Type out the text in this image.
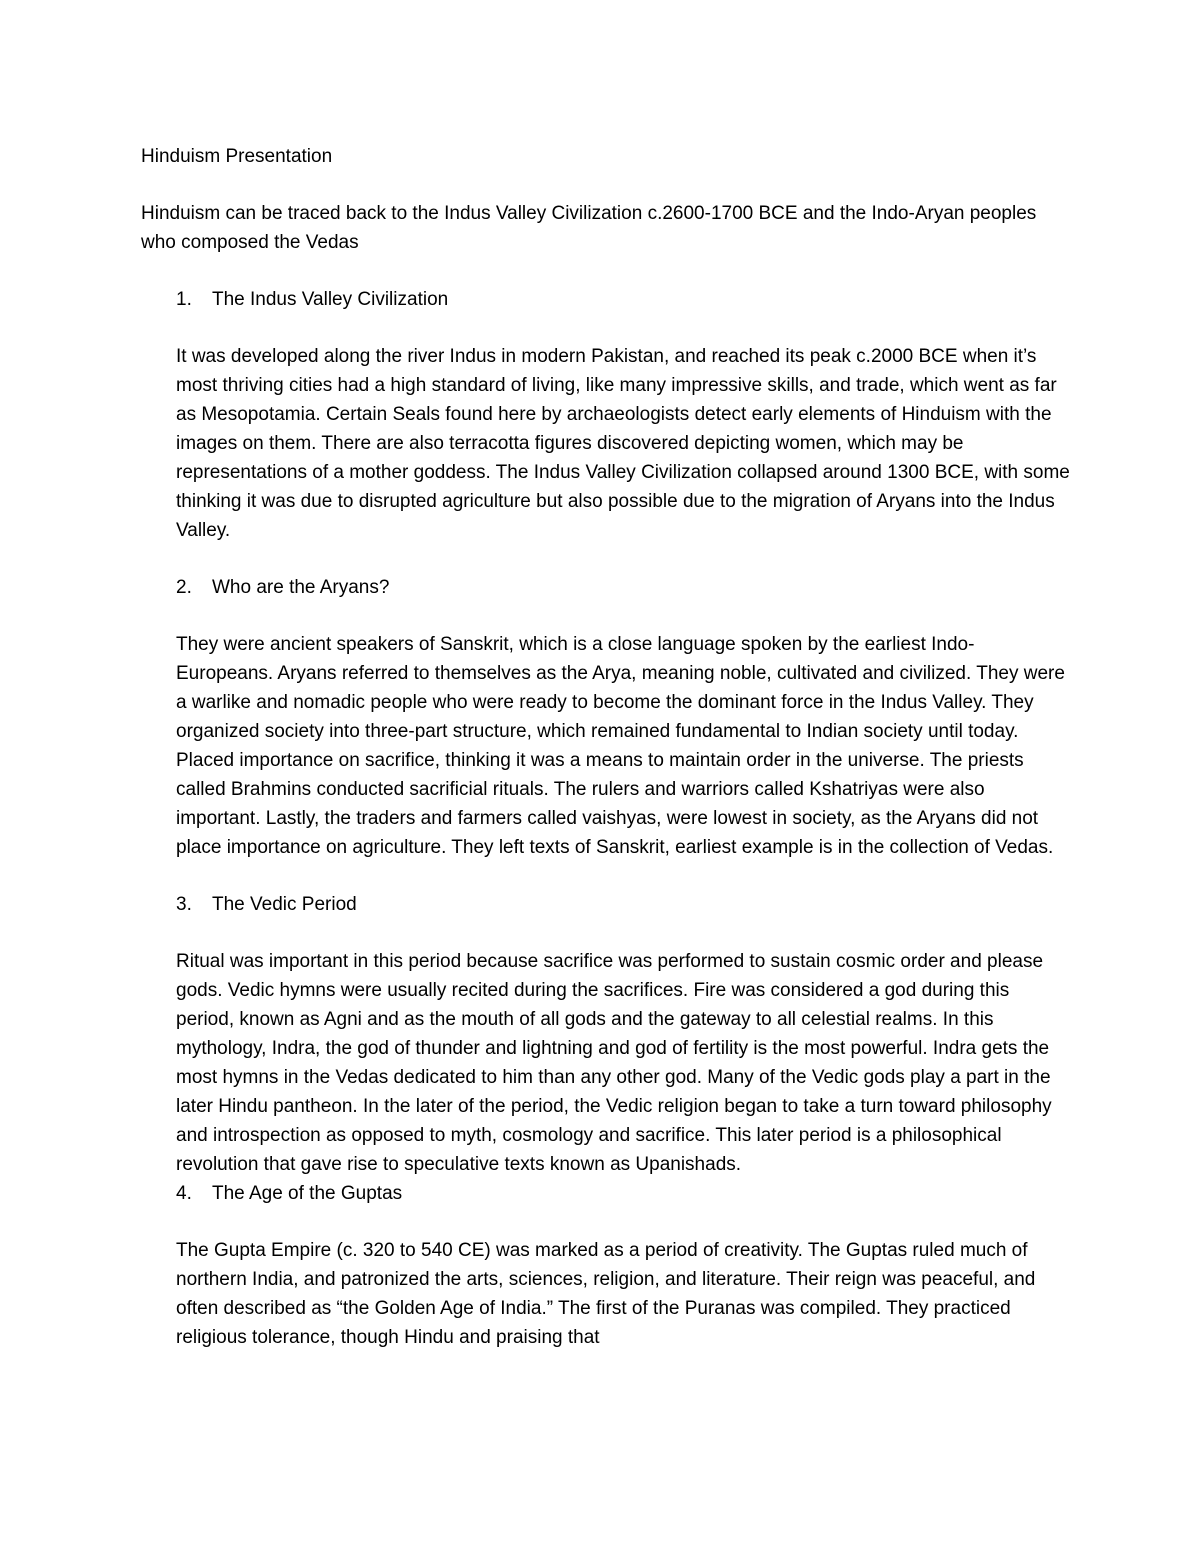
Hinduism Presentation

Hinduism can be traced back to the Indus Valley Civilization c.2600-1700 BCE and the Indo-Aryan peoples who composed the Vedas

1.	The Indus Valley Civilization

It was developed along the river Indus in modern Pakistan, and reached its peak c.2000 BCE when it’s most thriving cities had a high standard of living, like many impressive skills, and trade, which went as far as Mesopotamia. Certain Seals found here by archaeologists detect early elements of Hinduism with the images on them. There are also terracotta figures discovered depicting women, which may be representations of a mother goddess. The Indus Valley Civilization collapsed around 1300 BCE, with some thinking it was due to disrupted agriculture but also possible due to the migration of Aryans into the Indus Valley.

2.	Who are the Aryans?

They were ancient speakers of Sanskrit, which is a close language spoken by the earliest Indo-Europeans. Aryans referred to themselves as the Arya, meaning noble, cultivated and civilized. They were a warlike and nomadic people who were ready to become the dominant force in the Indus Valley. They organized society into three-part structure, which remained fundamental to Indian society until today. Placed importance on sacrifice, thinking it was a means to maintain order in the universe. The priests called Brahmins conducted sacrificial rituals. The rulers and warriors called Kshatriyas were also important. Lastly, the traders and farmers called vaishyas, were lowest in society, as the Aryans did not place importance on agriculture. They left texts of Sanskrit, earliest example is in the collection of Vedas.

3.	The Vedic Period

Ritual was important in this period because sacrifice was performed to sustain cosmic order and please gods. Vedic hymns were usually recited during the sacrifices. Fire was considered a god during this period, known as Agni and as the mouth of all gods and the gateway to all celestial realms. In this mythology, Indra, the god of thunder and lightning and god of fertility is the most powerful. Indra gets the most hymns in the Vedas dedicated to him than any other god. Many of the Vedic gods play a part in the later Hindu pantheon. In the later of the period, the Vedic religion began to take a turn toward philosophy and introspection as opposed to myth, cosmology and sacrifice. This later period is a philosophical revolution that gave rise to speculative texts known as Upanishads.

4.	The Age of the Guptas

The Gupta Empire (c. 320 to 540 CE) was marked as a period of creativity. The Guptas ruled much of northern India, and patronized the arts, sciences, religion, and literature. Their reign was peaceful, and often described as “the Golden Age of India.” The first of the Puranas was compiled. They practiced religious tolerance, though Hindu and praising that
